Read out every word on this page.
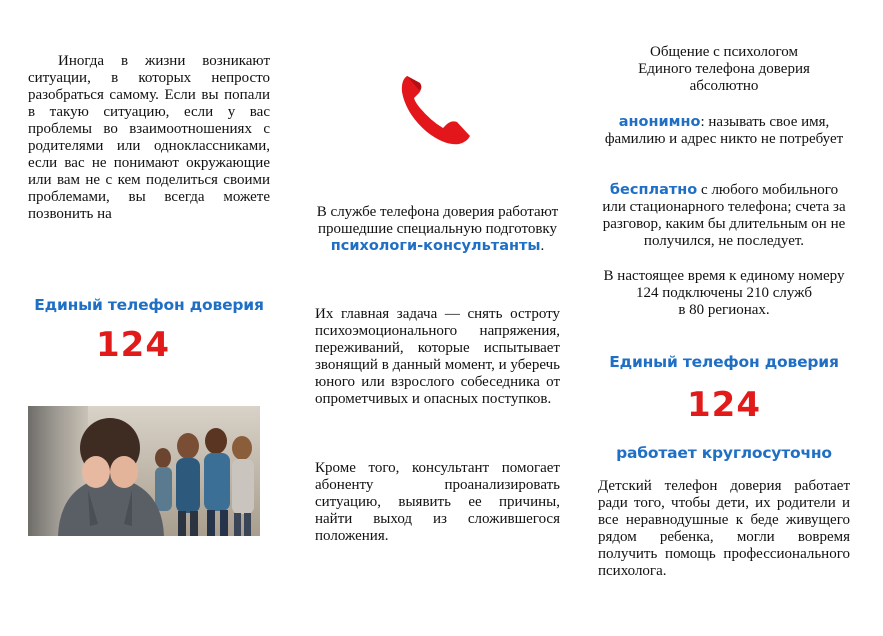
Иногда в жизни возникают ситуации, в которых непросто разобраться самому. Если вы попали в такую ситуацию, если у вас проблемы во взаимоотношениях с родителями или одноклассниками, если вас не понимают окружающие или вам не с кем поделиться своими проблемами, вы всегда можете позвонить на

Единый телефон доверия

124

В службе телефона доверия работают прошедшие специальную подготовку психологи-консультанты.

Их главная задача — снять остроту психоэмоционального напряжения, переживаний, которые испытывает звонящий в данный момент, и уберечь юного или взрослого собеседника от опрометчивых и опасных поступков.

Кроме того, консультант помогает абоненту проанализировать ситуацию, выявить ее причины, найти выход из сложившегося положения.

Общение с психологом

Единого телефона доверия

абсолютно

анонимно: называть свое имя, фамилию и адрес никто не потребует

бесплатно с любого мобильного или стационарного телефона; счета за разговор, каким бы длительным он не получился, не последует.

В настоящее время к единому номеру

124 подключены 210 служб

в 80 регионах.

Единый телефон доверия

124

работает круглосуточно

Детский телефон доверия работает ради того, чтобы дети, их родители и все неравнодушные к беде живущего рядом ребенка, могли вовремя получить помощь профессионального психолога.
